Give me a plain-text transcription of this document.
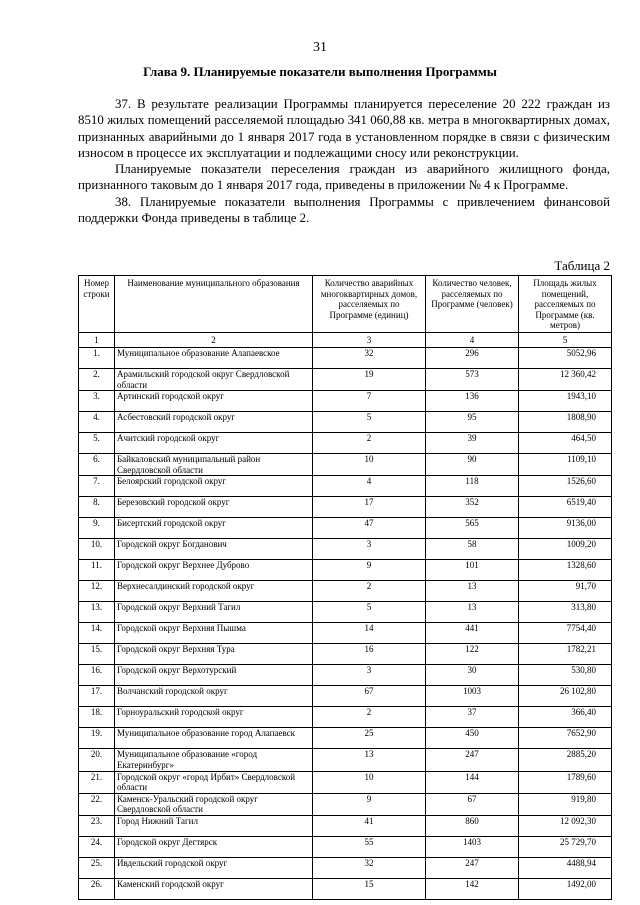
31
Глава 9. Планируемые показатели выполнения Программы

37. В результате реализации Программы планируется переселение 20 222 граждан из 8510 жилых помещений расселяемой площадью 341 060,88 кв. метра в многоквартирных домах, признанных аварийными до 1 января 2017 года в установленном порядке в связи с физическим износом в процессе их эксплуатации и подлежащими сносу или реконструкции.

Планируемые показатели переселения граждан из аварийного жилищного фонда, признанного таковым до 1 января 2017 года, приведены в приложении № 4 к Программе.

38. Планируемые показатели выполнения Программы с привлечением финансовой поддержки Фонда приведены в таблице 2.

Таблица 2
Номер строки	Наименование муниципального образования	Количество аварийных многоквартирных домов, расселяемых по Программе (единиц)	Количество человек, расселяемых по Программе (человек)	Площадь жилых помещений, расселяемых по Программе (кв. метров)
1	2	3	4	5
1.	Муниципальное образование Алапаевское	32	296	5052,96
2.	Арамильский городской округ Свердловской области	19	573	12 360,42
3.	Артинский городской округ	7	136	1943,10
4.	Асбестовский городской округ	5	95	1808,90
5.	Ачитский городской округ	2	39	464,50
6.	Байкаловский муниципальный район Свердловской области	10	90	1109,10
7.	Белоярский городской округ	4	118	1526,60
8.	Березовский городской округ	17	352	6519,40
9.	Бисертский городской округ	47	565	9136,00
10.	Городской округ Богданович	3	58	1009,20
11.	Городской округ Верхнее Дуброво	9	101	1328,60
12.	Верхнесалдинский городской округ	2	13	91,70
13.	Городской округ Верхний Тагил	5	13	313,80
14.	Городской округ Верхняя Пышма	14	441	7754,40
15.	Городской округ Верхняя Тура	16	122	1782,21
16.	Городской округ Верхотурский	3	30	530,80
17.	Волчанский городской округ	67	1003	26 102,80
18.	Горноуральский городской округ	2	37	366,40
19.	Муниципальное образование город Алапаевск	25	450	7652,90
20.	Муниципальное образование «город Екатеринбург»	13	247	2885,20
21.	Городской округ «город Ирбит» Свердловской области	10	144	1789,60
22.	Каменск-Уральский городской округ Свердловской области	9	67	919,80
23.	Город Нижний Тагил	41	860	12 092,30
24.	Городской округ Дегтярск	55	1403	25 729,70
25.	Ивдельский городской округ	32	247	4488,94
26.	Каменский городской округ	15	142	1492,00
